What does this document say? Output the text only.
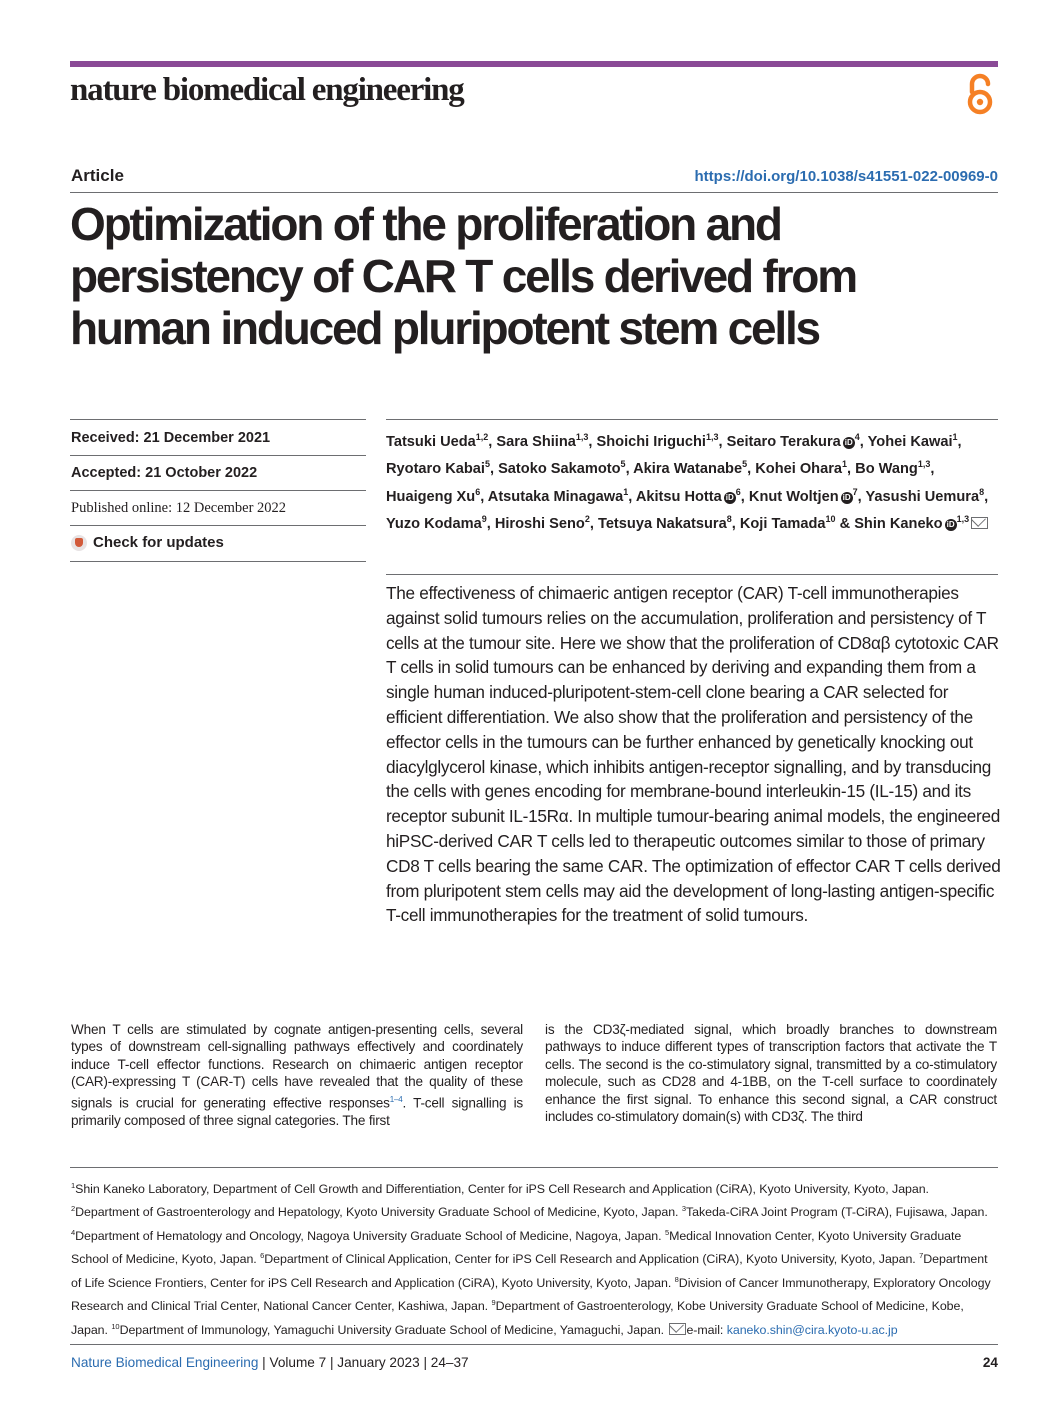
nature biomedical engineering
Article	https://doi.org/10.1038/s41551-022-00969-0
Optimization of the proliferation and
persistency of CAR T cells derived from
human induced pluripotent stem cells
Received: 21 December 2021
Accepted: 21 October 2022
Published online: 12 December 2022
Check for updates
Tatsuki Ueda$^{1,2}$, Sara Shiina$^{1,3}$, Shoichi Iriguchi$^{1,3}$, Seitaro Terakura $iD^4$, Yohei Kawai$^1$, Ryotaro Kabai$^5$, Satoko Sakamoto$^5$, Akira Watanabe$^5$, Kohei Ohara$^1$, Bo Wang$^{1,3}$, Huaigeng Xu$^6$, Atsutaka Minagawa$^1$, Akitsu Hotta $iD^6$, Knut Woltjen $iD^7$, Yasushi Uemura$^8$, Yuzo Kodama$^9$, Hiroshi Seno$^2$, Tetsuya Nakatsura$^8$, Koji Tamada$^{10}$ & Shin Kaneko iD$^{1,3}$

The effectiveness of chimaeric antigen receptor (CAR) T-cell immunotherapies against solid tumours relies on the accumulation, proliferation and persistency of T cells at the tumour site. Here we show that the proliferation of CD8αβ cytotoxic CAR T cells in solid tumours can be enhanced by deriving and expanding them from a single human induced-pluripotent-stem-cell clone bearing a CAR selected for efficient differentiation. We also show that the proliferation and persistency of the effector cells in the tumours can be further enhanced by genetically knocking out diacylglycerol kinase, which inhibits antigen-receptor signalling, and by transducing the cells with genes encoding for membrane-bound interleukin-15 (IL-15) and its receptor subunit IL-15Rα. In multiple tumour-bearing animal models, the engineered hiPSC-derived CAR T cells led to therapeutic outcomes similar to those of primary CD8 T cells bearing the same CAR. The optimization of effector CAR T cells derived from pluripotent stem cells may aid the development of long-lasting antigen-specific T-cell immunotherapies for the treatment of solid tumours.

When T cells are stimulated by cognate antigen-presenting cells, several types of downstream cell-signalling pathways effectively and coordinately induce T-cell effector functions. Research on chimaeric antigen receptor (CAR)-expressing T (CAR-T) cells have revealed that the quality of these signals is crucial for generating effective responses$^{1-4}$. T-cell signalling is primarily composed of three signal categories. The first

is the CD3ζ-mediated signal, which broadly branches to downstream pathways to induce different types of transcription factors that activate the T cells. The second is the co-stimulatory signal, transmitted by a co-stimulatory molecule, such as CD28 and 4-1BB, on the T-cell surface to coordinately enhance the first signal. To enhance this second signal, a CAR construct includes co-stimulatory domain(s) with CD3ζ. The third

$^1$Shin Kaneko Laboratory, Department of Cell Growth and Differentiation, Center for iPS Cell Research and Application (CiRA), Kyoto University, Kyoto, Japan. $^2$Department of Gastroenterology and Hepatology, Kyoto University Graduate School of Medicine, Kyoto, Japan. $^3$Takeda-CiRA Joint Program (T-CiRA), Fujisawa, Japan. $^4$Department of Hematology and Oncology, Nagoya University Graduate School of Medicine, Nagoya, Japan. $^5$Medical Innovation Center, Kyoto University Graduate School of Medicine, Kyoto, Japan. $^6$Department of Clinical Application, Center for iPS Cell Research and Application (CiRA), Kyoto University, Kyoto, Japan. $^7$Department of Life Science Frontiers, Center for iPS Cell Research and Application (CiRA), Kyoto University, Kyoto, Japan. $^8$Division of Cancer Immunotherapy, Exploratory Oncology Research and Clinical Trial Center, National Cancer Center, Kashiwa, Japan. $^9$Department of Gastroenterology, Kobe University Graduate School of Medicine, Kobe, Japan. $^{10}$Department of Immunology, Yamaguchi University Graduate School of Medicine, Yamaguchi, Japan. e-mail: kaneko.shin@cira.kyoto-u.ac.jp

Nature Biomedical Engineering | Volume 7 | January 2023 | 24–37	24
